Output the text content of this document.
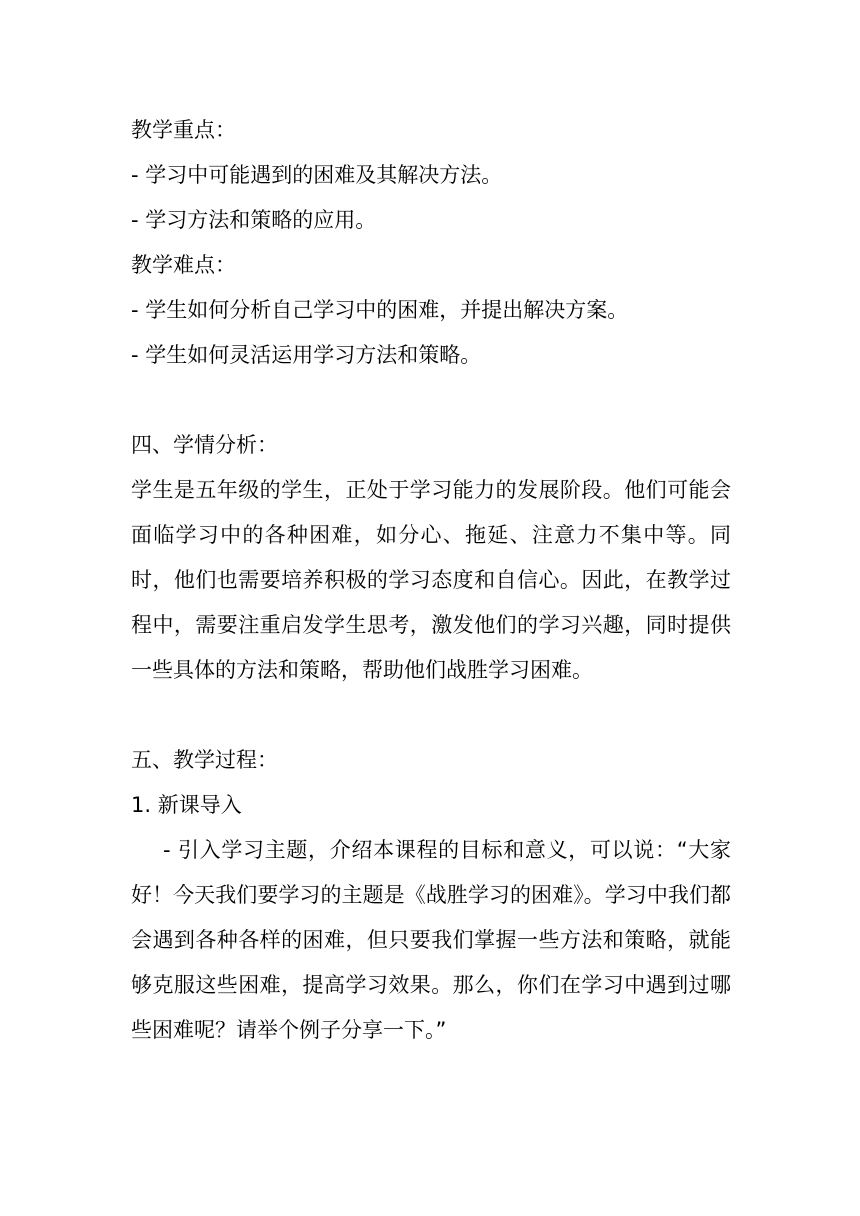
教学重点：
- 学习中可能遇到的困难及其解决方法。
- 学习方法和策略的应用。
教学难点：
- 学生如何分析自己学习中的困难，并提出解决方案。
- 学生如何灵活运用学习方法和策略。
四、学情分析：

学生是五年级的学生，正处于学习能力的发展阶段。他们可能会面临学习中的各种困难，如分心、拖延、注意力不集中等。同时，他们也需要培养积极的学习态度和自信心。因此，在教学过程中，需要注重启发学生思考，激发他们的学习兴趣，同时提供一些具体的方法和策略，帮助他们战胜学习困难。

五、教学过程：
1. 新课导入

- 引入学习主题，介绍本课程的目标和意义，可以说：“大家好！今天我们要学习的主题是《战胜学习的困难》。学习中我们都会遇到各种各样的困难，但只要我们掌握一些方法和策略，就能够克服这些困难，提高学习效果。那么，你们在学习中遇到过哪些困难呢？请举个例子分享一下。”
